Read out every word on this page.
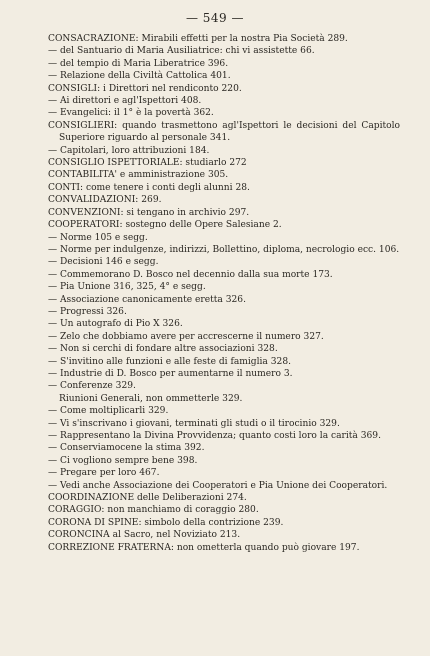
— 549 —
CONSACRAZIONE: Mirabili effetti per la nostra Pia Società 289.
— del Santuario di Maria Ausiliatrice: chi vi assistette 66.
— del tempio di Maria Liberatrice 396.
— Relazione della Civiltà Cattolica 401.
CONSIGLI: i Direttori nel rendiconto 220.
— Ai direttori e agl'Ispettori 408.
— Evangelici: il 1° è la povertà 362.
CONSIGLIERI: quando trasmettono agl'Ispettori le decisioni del Capitolo Superiore riguardo al personale 341.
— Capitolari, loro attribuzioni 184.
CONSIGLIO ISPETTORIALE: studiarlo 272
CONTABILITA' e amministrazione 305.
CONTI: come tenere i conti degli alunni 28.
CONVALIDAZIONI: 269.
CONVENZIONI: si tengano in archivio 297.
COOPERATORI: sostegno delle Opere Salesiane 2.
— Norme 105 e segg.
— Norme per indulgenze, indirizzi, Bollettino, diploma, necrologio ecc. 106.
— Decisioni 146 e segg.
— Commemorano D. Bosco nel decennio dalla sua morte 173.
— Pia Unione 316, 325, 4° e segg.
— Associazione canonicamente eretta 326.
— Progressi 326.
— Un autografo di Pio X 326.
— Zelo che dobbiamo avere per accrescerne il numero 327.
— Non si cerchi di fondare altre associazioni 328.
— S'invitino alle funzioni e alle feste di famiglia 328.
— Industrie di D. Bosco per aumentarne il numero 3.
— Conferenze 329.
Riunioni Generali, non ommetterle 329.
— Come moltiplicarli 329.
— Vi s'inscrivano i giovani, terminati gli studi o il tirocinio 329.
— Rappresentano la Divina Provvidenza; quanto costi loro la carità 369.
— Conserviamocene la stima 392.
— Ci vogliono sempre bene 398.
— Pregare per loro 467.
— Vedi anche Associazione dei Cooperatori e Pia Unione dei Cooperatori.
COORDINAZIONE delle Deliberazioni 274.
CORAGGIO: non manchiamo di coraggio 280.
CORONA DI SPINE: simbolo della contrizione 239.
CORONCINA al Sacro, nel Noviziato 213.
CORREZIONE FRATERNA: non ometterla quando può giovare 197.
